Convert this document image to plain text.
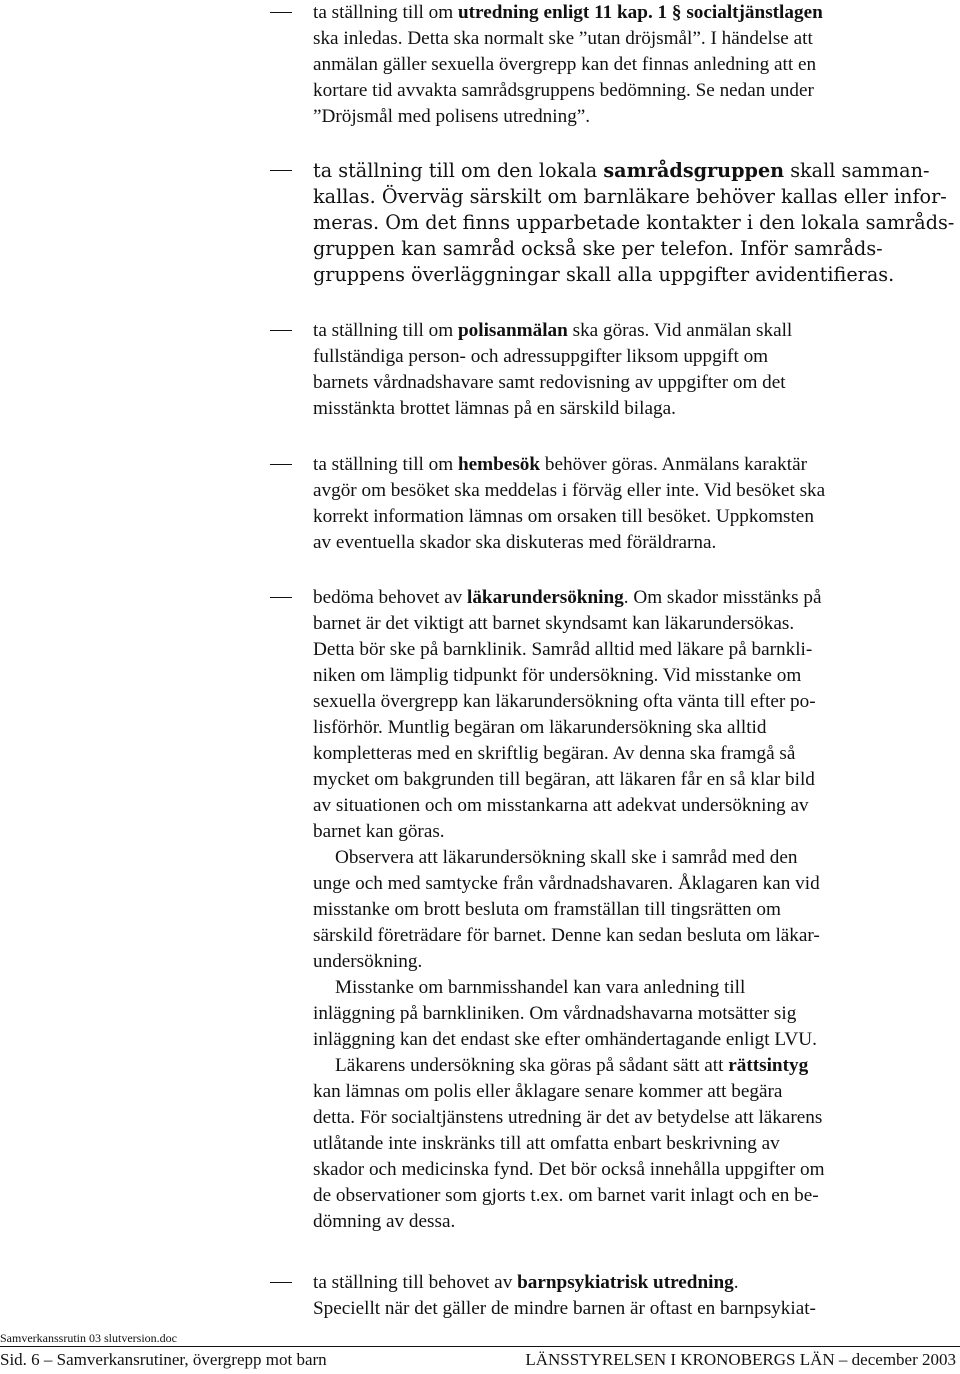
ta ställning till om utredning enligt 11 kap. 1 § socialtjänstlagen
ska inledas. Detta ska normalt ske ”utan dröjsmål”. I händelse att
anmälan gäller sexuella övergrepp kan det finnas anledning att en
kortare tid avvakta samrådsgruppens bedömning. Se nedan under
”Dröjsmål med polisens utredning”.
ta ställning till om den lokala samrådsgruppen skall samman-
kallas. Överväg särskilt om barnläkare behöver kallas eller infor-
meras. Om det finns upparbetade kontakter i den lokala samråds-
gruppen kan samråd också ske per telefon. Inför samråds-
gruppens överläggningar skall alla uppgifter avidentifieras.
ta ställning till om polisanmälan ska göras. Vid anmälan skall
fullständiga person- och adressuppgifter liksom uppgift om
barnets vårdnadshavare samt redovisning av uppgifter om det
misstänkta brottet lämnas på en särskild bilaga.
ta ställning till om hembesök behöver göras. Anmälans karaktär
avgör om besöket ska meddelas i förväg eller inte. Vid besöket ska
korrekt information lämnas om orsaken till besöket. Uppkomsten
av eventuella skador ska diskuteras med föräldrarna.
bedöma behovet av läkarundersökning. Om skador misstänks på
barnet är det viktigt att barnet skyndsamt kan läkarundersökas.
Detta bör ske på barnklinik. Samråd alltid med läkare på barnkli-
niken om lämplig tidpunkt för undersökning. Vid misstanke om
sexuella övergrepp kan läkarundersökning ofta vänta till efter po-
lisförhör. Muntlig begäran om läkarundersökning ska alltid
kompletteras med en skriftlig begäran. Av denna ska framgå så
mycket om bakgrunden till begäran, att läkaren får en så klar bild
av situationen och om misstankarna att adekvat undersökning av
barnet kan göras.
Observera att läkarundersökning skall ske i samråd med den
unge och med samtycke från vårdnadshavaren. Åklagaren kan vid
misstanke om brott besluta om framställan till tingsrätten om
särskild företrädare för barnet. Denne kan sedan besluta om läkar-
undersökning.
Misstanke om barnmisshandel kan vara anledning till
inläggning på barnkliniken. Om vårdnadshavarna motsätter sig
inläggning kan det endast ske efter omhändertagande enligt LVU.
Läkarens undersökning ska göras på sådant sätt att rättsintyg
kan lämnas om polis eller åklagare senare kommer att begära
detta. För socialtjänstens utredning är det av betydelse att läkarens
utlåtande inte inskränks till att omfatta enbart beskrivning av
skador och medicinska fynd. Det bör också innehålla uppgifter om
de observationer som gjorts t.ex. om barnet varit inlagt och en be-
dömning av dessa.
ta ställning till behovet av barnpsykiatrisk utredning.
Speciellt när det gäller de mindre barnen är oftast en barnpsykiat-
Samverkanssrutin 03 slutversion.doc
Sid. 6 – Samverkansrutiner, övergrepp mot barn	LÄNSSTYRELSEN I KRONOBERGS LÄN – december 2003
